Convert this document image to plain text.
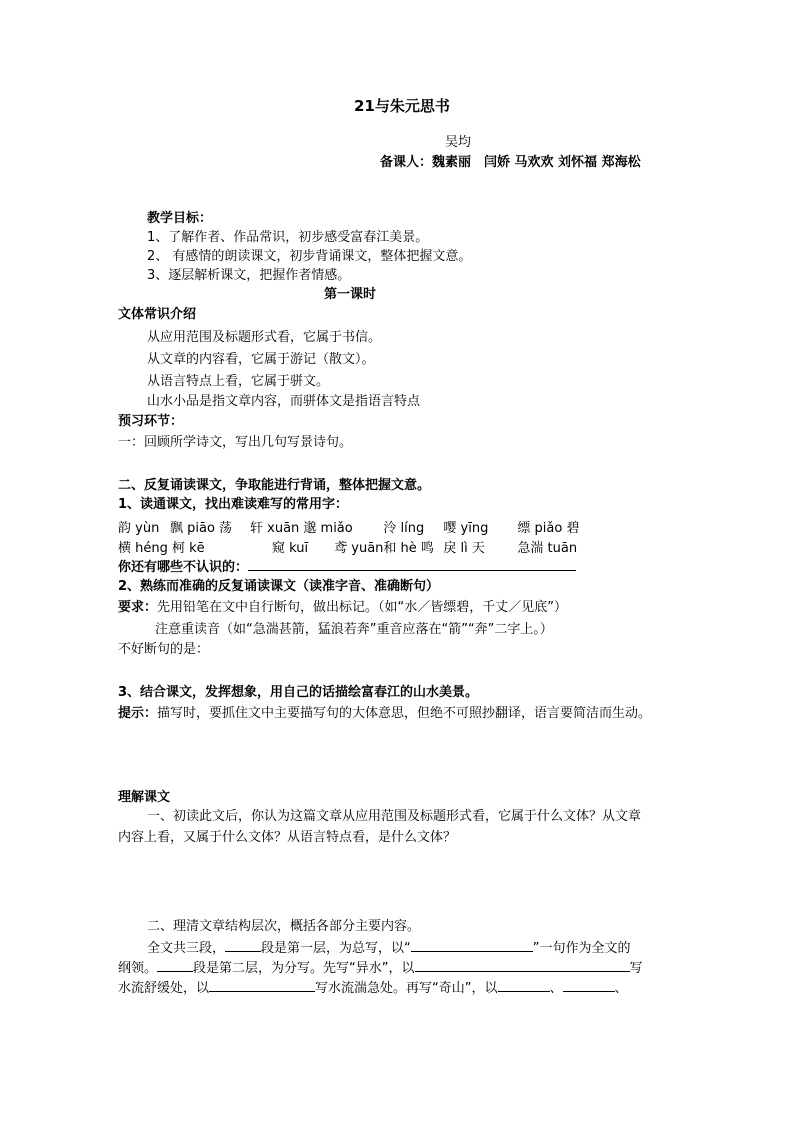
21与朱元思书
吴均
备课人：魏素丽　闫娇 马欢欢 刘怀福 郑海松
教学目标：
1、了解作者、作品常识，初步感受富春江美景。
2、 有感情的朗读课文，初步背诵课文，整体把握文意。
3、逐层解析课文，把握作者情感。
第一课时
文体常识介绍
从应用范围及标题形式看，它属于书信。
从文章的内容看，它属于游记（散文）。
从语言特点上看，它属于骈文。
山水小品是指文章内容，而骈体文是指语言特点
预习环节：
一：回顾所学诗文，写出几句写景诗句。
二、反复诵读课文，争取能进行背诵，整体把握文意。
1、读通课文，找出难读难写的常用字：
韵 yùn	飘 piāo 荡	轩 xuān 邈 miǎo	泠 líng	嘤 yīng	缥 piǎo 碧
横 héng 柯 kē		窥 kuī　　 鸢 yuān	和 hè 鸣	戾 lì 天	急湍 tuān
你还有哪些不认识的：
2、熟练而准确的反复诵读课文（读准字音、准确断句）
要求：先用铅笔在文中自行断句，做出标记。（如“水／皆缥碧，千丈／见底”）
注意重读音（如“急湍甚箭，猛浪若奔”重音应落在“箭”“奔”二字上。）
不好断句的是：
3、结合课文，发挥想象，用自己的话描绘富春江的山水美景。
提示：描写时，要抓住文中主要描写句的大体意思，但绝不可照抄翻译，语言要简洁而生动。
理解课文
一、初读此文后，你认为这篇文章从应用范围及标题形式看，它属于什么文体？从文章
内容上看，又属于什么文体？从语言特点看，是什么文体？
二、理清文章结构层次，概括各部分主要内容。
全文共三段，	段是第一层，为总写，以“	”一句作为全文的
纲领。	段是第二层，为分写。先写“异水”，以	写
水流舒缓处，以	写水流湍急处。再写“奇山”，以	、	、
